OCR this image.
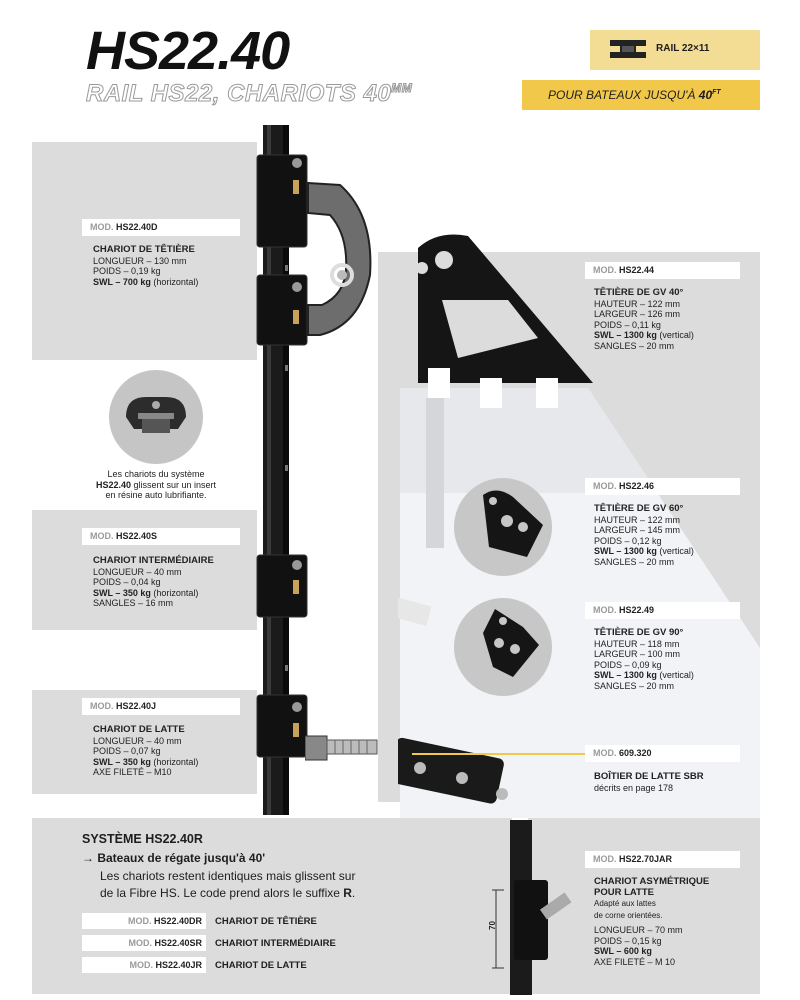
HS22.40
RAIL HS22, CHARIOTS $40^{MM}$
RAIL 22×11
POUR BATEAUX JUSQU'À $40^{FT}$
70
MOD. HS22.40D
CHARIOT DE TÊTIÈRE
LONGUEUR – 130 mm
POIDS – 0,19 kg
SWL – 700 kg (horizontal)
Les chariots du système
HS22.40 glissent sur un insert
en résine auto lubrifiante.
MOD. HS22.40S
CHARIOT INTERMÉDIAIRE
LONGUEUR – 40 mm
POIDS – 0,04 kg
SWL – 350 kg (horizontal)
SANGLES – 16 mm
MOD. HS22.40J
CHARIOT DE LATTE
LONGUEUR – 40 mm
POIDS – 0,07 kg
SWL – 350 kg (horizontal)
AXE FILETÉ – M10
MOD. HS22.44
TÊTIÈRE DE GV 40°
HAUTEUR – 122 mm
LARGEUR – 126 mm
POIDS – 0,11 kg
SWL – 1300 kg (vertical)
SANGLES – 20 mm
MOD. HS22.46
TÊTIÈRE DE GV 60°
HAUTEUR – 122 mm
LARGEUR – 145 mm
POIDS – 0,12 kg
SWL – 1300 kg (vertical)
SANGLES – 20 mm
MOD. HS22.49
TÊTIÈRE DE GV 90°
HAUTEUR – 118 mm
LARGEUR – 100 mm
POIDS – 0,09 kg
SWL – 1300 kg (vertical)
SANGLES – 20 mm
MOD. 609.320
BOÎTIER DE LATTE SBR
décrits en page 178
MOD. HS22.70JAR
CHARIOT ASYMÉTRIQUE
POUR LATTE
Adapté aux lattes
de corne orientées.
LONGUEUR – 70 mm
POIDS – 0,15 kg
SWL – 600 kg
AXE FILETÉ – M 10
SYSTÈME HS22.40R
→ Bateaux de régate jusqu'à 40'
Les chariots restent identiques mais glissent sur
de la Fibre HS. Le code prend alors le suffixe R.
MOD. HS22.40DR	CHARIOT DE TÊTIÈRE
MOD. HS22.40SR	CHARIOT INTERMÉDIAIRE
MOD. HS22.40JR	CHARIOT DE LATTE
